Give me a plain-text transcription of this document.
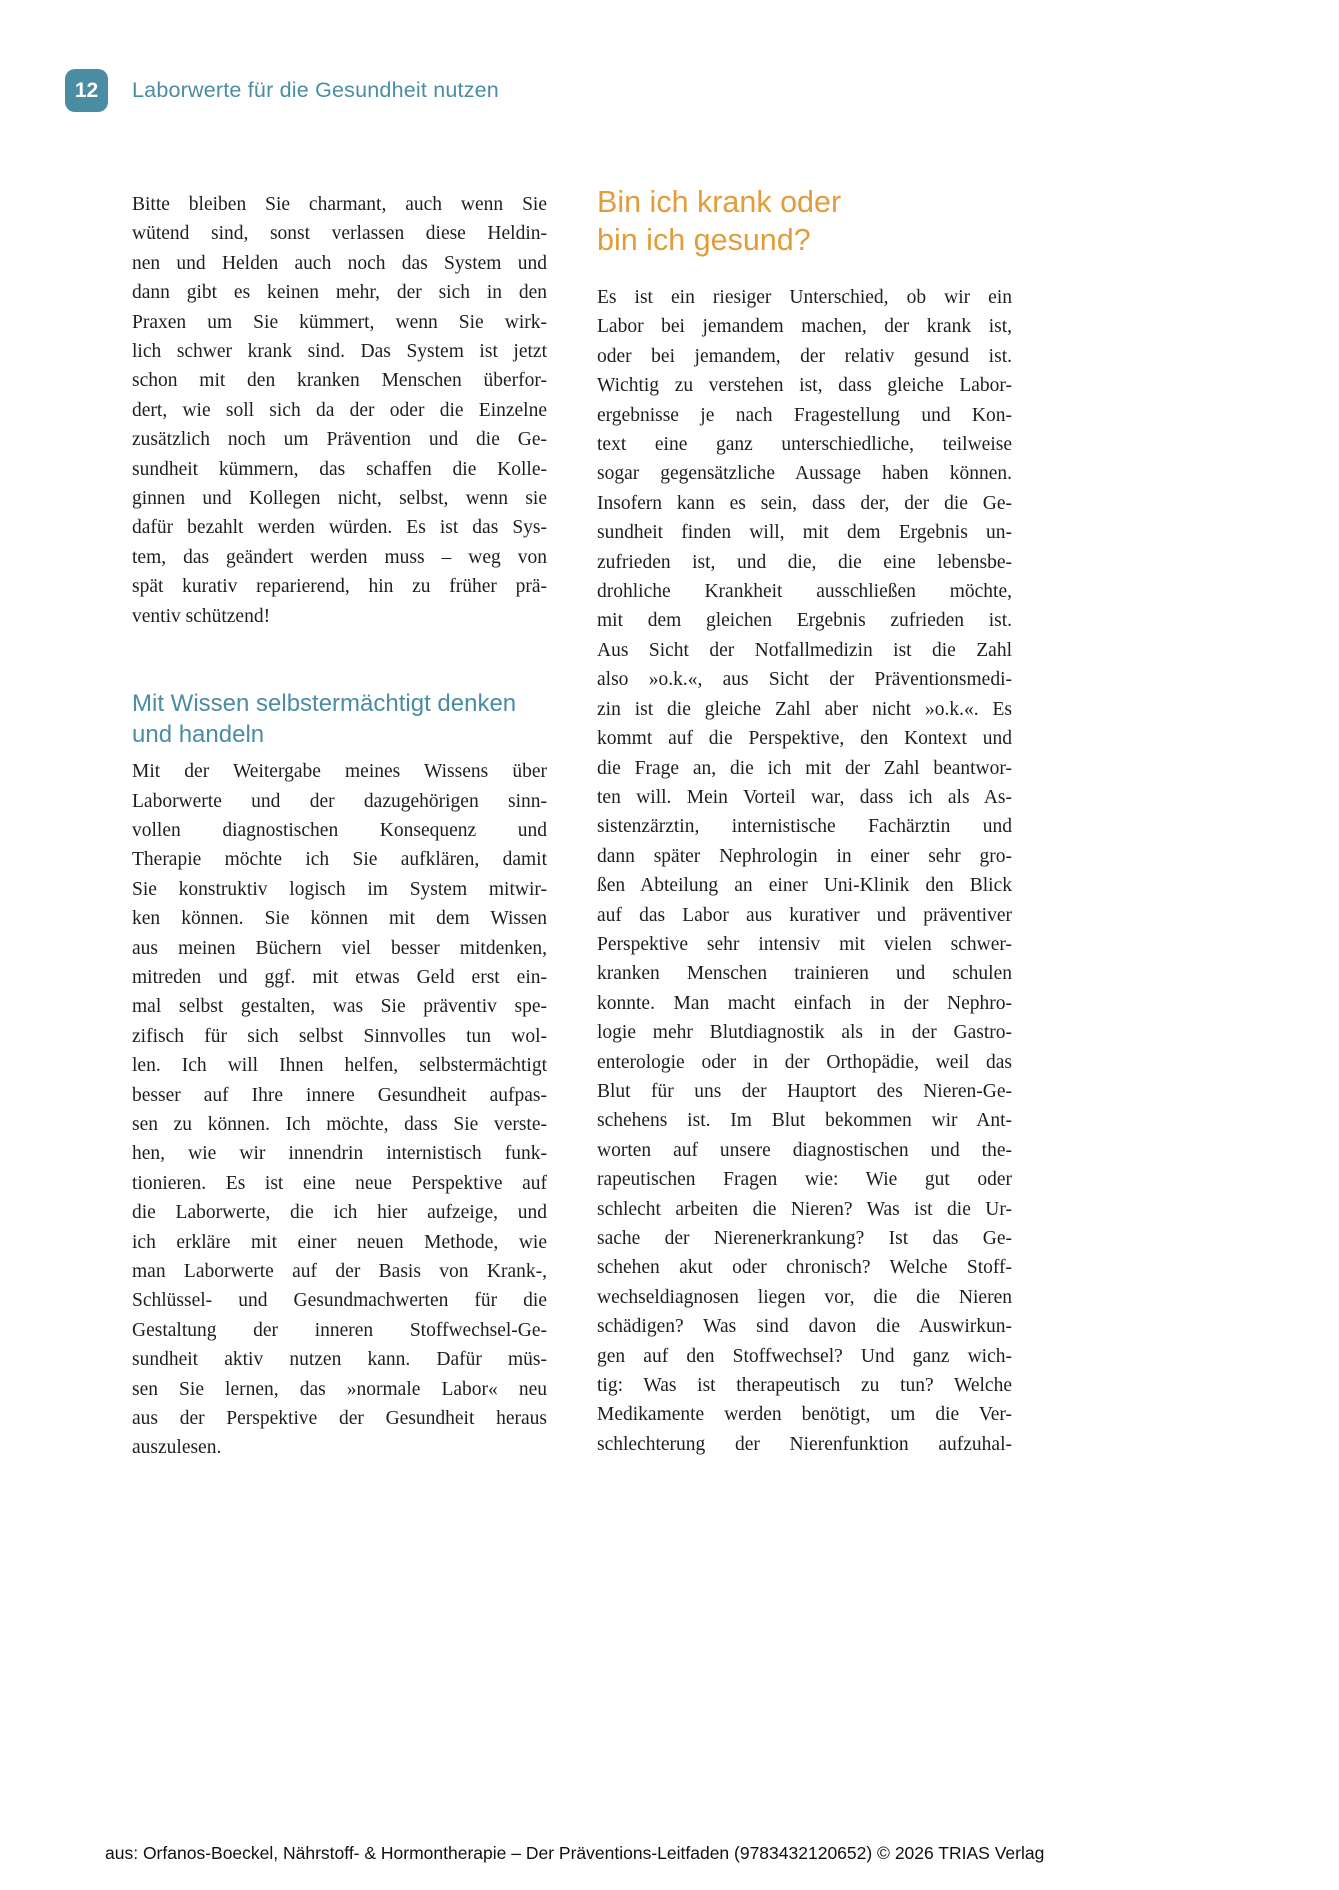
12	Laborwerte für die Gesundheit nutzen
Bitte bleiben Sie charmant, auch wenn Sie
wütend sind, sonst verlassen diese Heldin-
nen und Helden auch noch das System und
dann gibt es keinen mehr, der sich in den
Praxen um Sie kümmert, wenn Sie wirk-
lich schwer krank sind. Das System ist jetzt
schon mit den kranken Menschen überfor-
dert, wie soll sich da der oder die Einzelne
zusätzlich noch um Prävention und die Ge-
sundheit kümmern, das schaffen die Kolle-
ginnen und Kollegen nicht, selbst, wenn sie
dafür bezahlt werden würden. Es ist das Sys-
tem, das geändert werden muss – weg von
spät kurativ reparierend, hin zu früher prä-
ventiv schützend!
Mit Wissen selbstermächtigt denken
und handeln
Mit der Weitergabe meines Wissens über
Laborwerte und der dazugehörigen sinn-
vollen diagnostischen Konsequenz und
Therapie möchte ich Sie aufklären, damit
Sie konstruktiv logisch im System mitwir-
ken können. Sie können mit dem Wissen
aus meinen Büchern viel besser mitdenken,
mitreden und ggf. mit etwas Geld erst ein-
mal selbst gestalten, was Sie präventiv spe-
zifisch für sich selbst Sinnvolles tun wol-
len. Ich will Ihnen helfen, selbstermächtigt
besser auf Ihre innere Gesundheit aufpas-
sen zu können. Ich möchte, dass Sie verste-
hen, wie wir innendrin internistisch funk-
tionieren. Es ist eine neue Perspektive auf
die Laborwerte, die ich hier aufzeige, und
ich erkläre mit einer neuen Methode, wie
man Laborwerte auf der Basis von Krank-,
Schlüssel- und Gesundmachwerten für die
Gestaltung der inneren Stoffwechsel-Ge-
sundheit aktiv nutzen kann. Dafür müs-
sen Sie lernen, das »normale Labor« neu
aus der Perspektive der Gesundheit heraus
auszulesen.
Bin ich krank oder
bin ich gesund?
Es ist ein riesiger Unterschied, ob wir ein
Labor bei jemandem machen, der krank ist,
oder bei jemandem, der relativ gesund ist.
Wichtig zu verstehen ist, dass gleiche Labor-
ergebnisse je nach Fragestellung und Kon-
text eine ganz unterschiedliche, teilweise
sogar gegensätzliche Aussage haben können.
Insofern kann es sein, dass der, der die Ge-
sundheit finden will, mit dem Ergebnis un-
zufrieden ist, und die, die eine lebensbe-
drohliche Krankheit ausschließen möchte,
mit dem gleichen Ergebnis zufrieden ist.
Aus Sicht der Notfallmedizin ist die Zahl
also »o.k.«, aus Sicht der Präventionsmedi-
zin ist die gleiche Zahl aber nicht »o.k.«. Es
kommt auf die Perspektive, den Kontext und
die Frage an, die ich mit der Zahl beantwor-
ten will. Mein Vorteil war, dass ich als As-
sistenzärztin, internistische Fachärztin und
dann später Nephrologin in einer sehr gro-
ßen Abteilung an einer Uni-Klinik den Blick
auf das Labor aus kurativer und präventiver
Perspektive sehr intensiv mit vielen schwer-
kranken Menschen trainieren und schulen
konnte. Man macht einfach in der Nephro-
logie mehr Blutdiagnostik als in der Gastro-
enterologie oder in der Orthopädie, weil das
Blut für uns der Hauptort des Nieren-Ge-
schehens ist. Im Blut bekommen wir Ant-
worten auf unsere diagnostischen und the-
rapeutischen Fragen wie: Wie gut oder
schlecht arbeiten die Nieren? Was ist die Ur-
sache der Nierenerkrankung? Ist das Ge-
schehen akut oder chronisch? Welche Stoff-
wechseldiagnosen liegen vor, die die Nieren
schädigen? Was sind davon die Auswirkun-
gen auf den Stoffwechsel? Und ganz wich-
tig: Was ist therapeutisch zu tun? Welche
Medikamente werden benötigt, um die Ver-
schlechterung der Nierenfunktion aufzuhal-
aus: Orfanos-Boeckel, Nährstoff- & Hormontherapie – Der Präventions-Leitfaden (9783432120652) © 2026 TRIAS Verlag
